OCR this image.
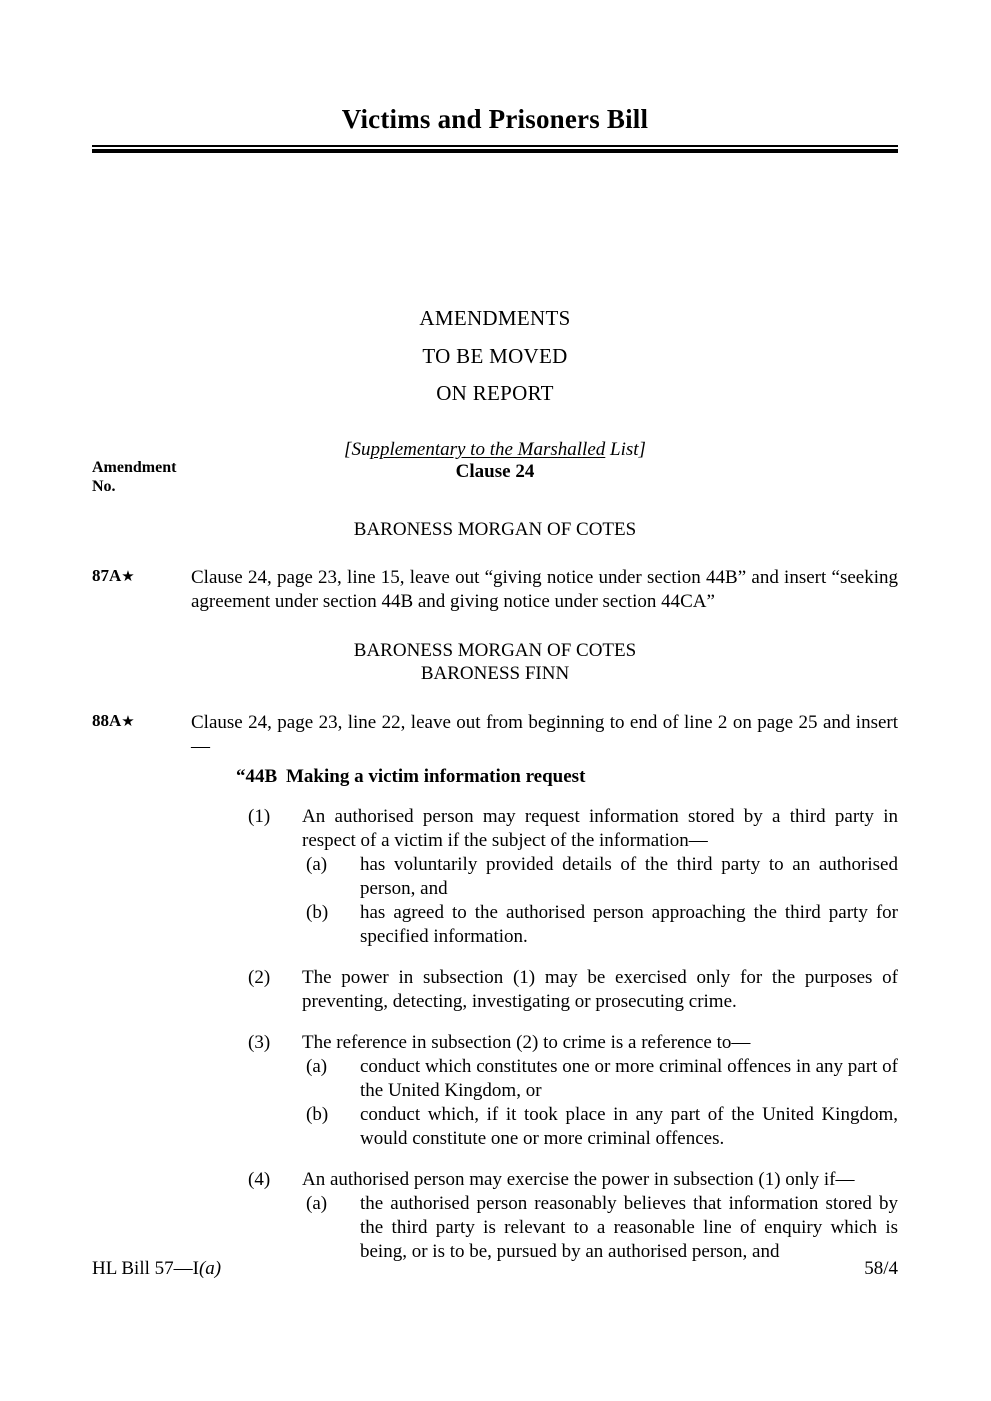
Victims and Prisoners Bill
AMENDMENTS
TO BE MOVED
ON REPORT
[Supplementary to the Marshalled List]
Amendment
No.
Clause 24
BARONESS MORGAN OF COTES
87A★	Clause 24, page 23, line 15, leave out “giving notice under section 44B” and insert “seeking agreement under section 44B and giving notice under section 44CA”
BARONESS MORGAN OF COTES
BARONESS FINN
88A★	Clause 24, page 23, line 22, leave out from beginning to end of line 2 on page 25 and insert—
“44B Making a victim information request
(1)	An authorised person may request information stored by a third party in respect of a victim if the subject of the information—
(a)	has voluntarily provided details of the third party to an authorised person, and
(b)	has agreed to the authorised person approaching the third party for specified information.
(2)	The power in subsection (1) may be exercised only for the purposes of preventing, detecting, investigating or prosecuting crime.
(3)	The reference in subsection (2) to crime is a reference to—
(a)	conduct which constitutes one or more criminal offences in any part of the United Kingdom, or
(b)	conduct which, if it took place in any part of the United Kingdom, would constitute one or more criminal offences.
(4)	An authorised person may exercise the power in subsection (1) only if—
(a)	the authorised person reasonably believes that information stored by the third party is relevant to a reasonable line of enquiry which is being, or is to be, pursued by an authorised person, and
HL Bill 57—I(a)	58/4
